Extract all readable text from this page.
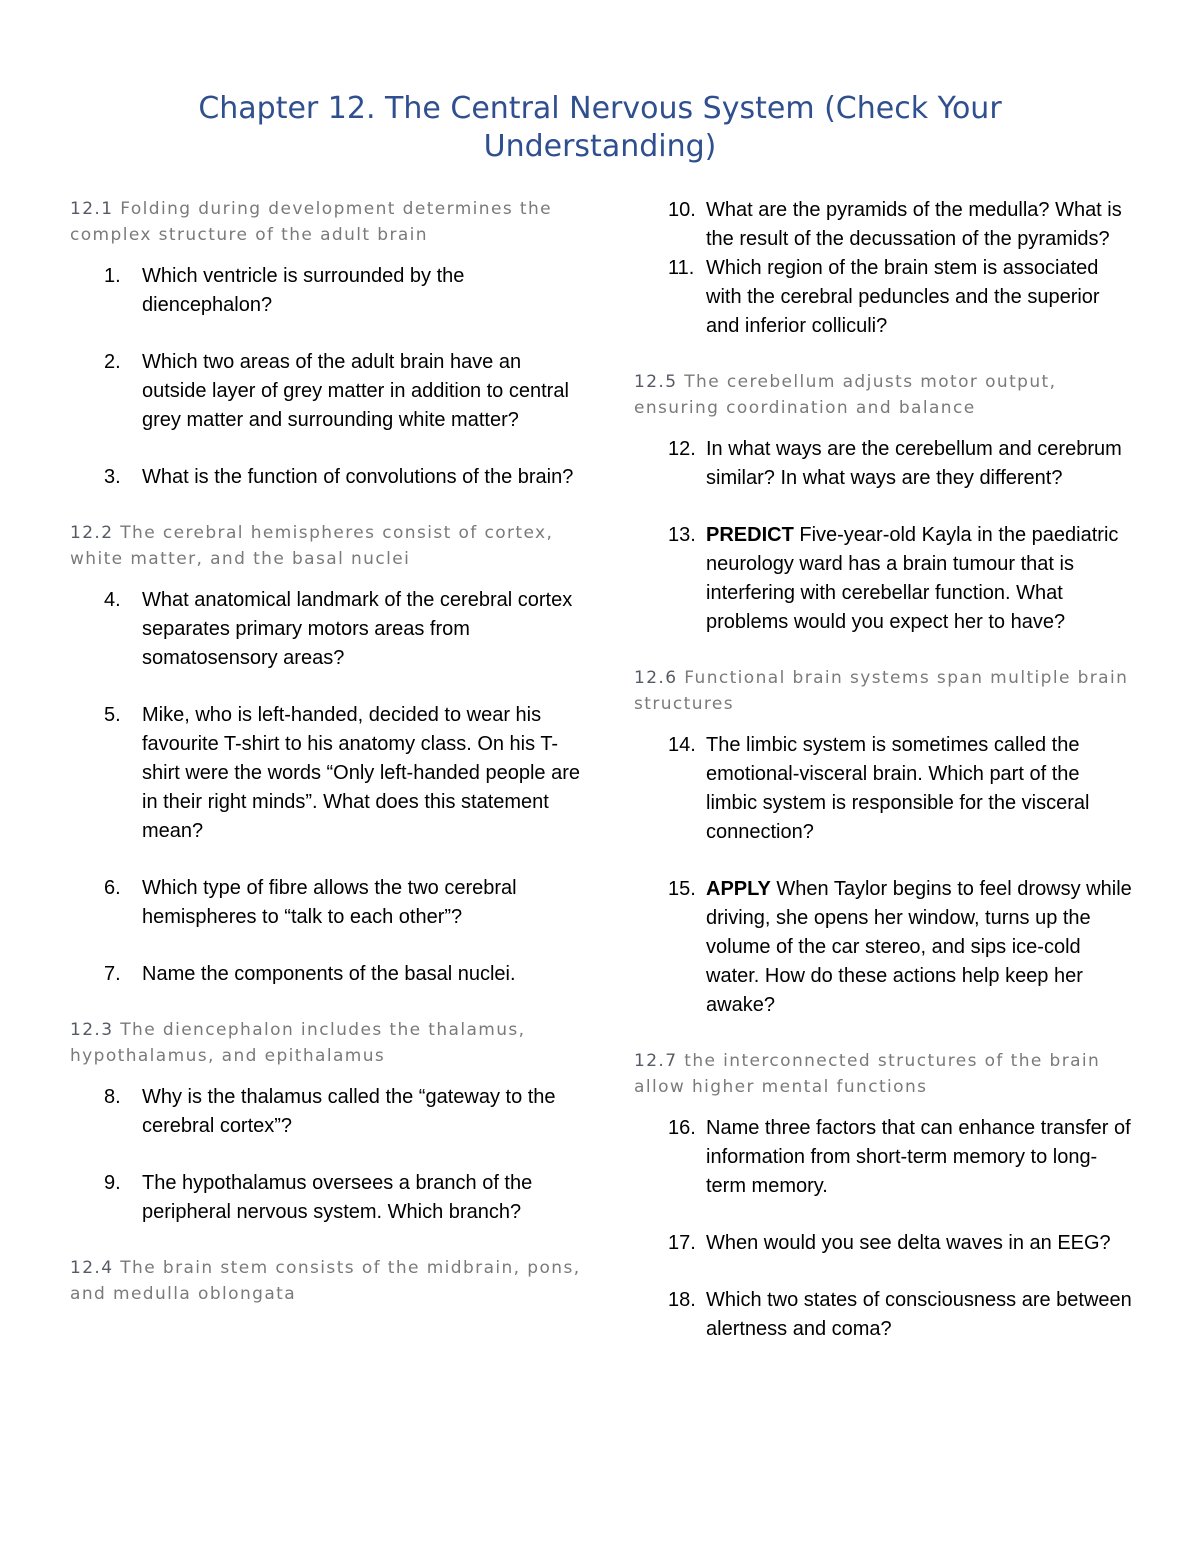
Chapter 12. The Central Nervous System (Check Your Understanding)

12.1 Folding during development determines the complex structure of the adult brain

1. Which ventricle is surrounded by the diencephalon?
2. Which two areas of the adult brain have an outside layer of grey matter in addition to central grey matter and surrounding white matter?
3. What is the function of convolutions of the brain?

12.2 The cerebral hemispheres consist of cortex, white matter, and the basal nuclei

4. What anatomical landmark of the cerebral cortex separates primary motors areas from somatosensory areas?
5. Mike, who is left-handed, decided to wear his favourite T-shirt to his anatomy class. On his T-shirt were the words “Only left-handed people are in their right minds”. What does this statement mean?
6. Which type of fibre allows the two cerebral hemispheres to “talk to each other”?
7. Name the components of the basal nuclei.

12.3 The diencephalon includes the thalamus, hypothalamus, and epithalamus

8. Why is the thalamus called the “gateway to the cerebral cortex”?
9. The hypothalamus oversees a branch of the peripheral nervous system. Which branch?

12.4 The brain stem consists of the midbrain, pons, and medulla oblongata

10. What are the pyramids of the medulla? What is the result of the decussation of the pyramids?
11. Which region of the brain stem is associated with the cerebral peduncles and the superior and inferior colliculi?

12.5 The cerebellum adjusts motor output, ensuring coordination and balance

12. In what ways are the cerebellum and cerebrum similar? In what ways are they different?
13. PREDICT Five-year-old Kayla in the paediatric neurology ward has a brain tumour that is interfering with cerebellar function. What problems would you expect her to have?

12.6 Functional brain systems span multiple brain structures

14. The limbic system is sometimes called the emotional-visceral brain. Which part of the limbic system is responsible for the visceral connection?
15. APPLY When Taylor begins to feel drowsy while driving, she opens her window, turns up the volume of the car stereo, and sips ice-cold water. How do these actions help keep her awake?

12.7 the interconnected structures of the brain allow higher mental functions

16. Name three factors that can enhance transfer of information from short-term memory to long-term memory.
17. When would you see delta waves in an EEG?
18. Which two states of consciousness are between alertness and coma?
